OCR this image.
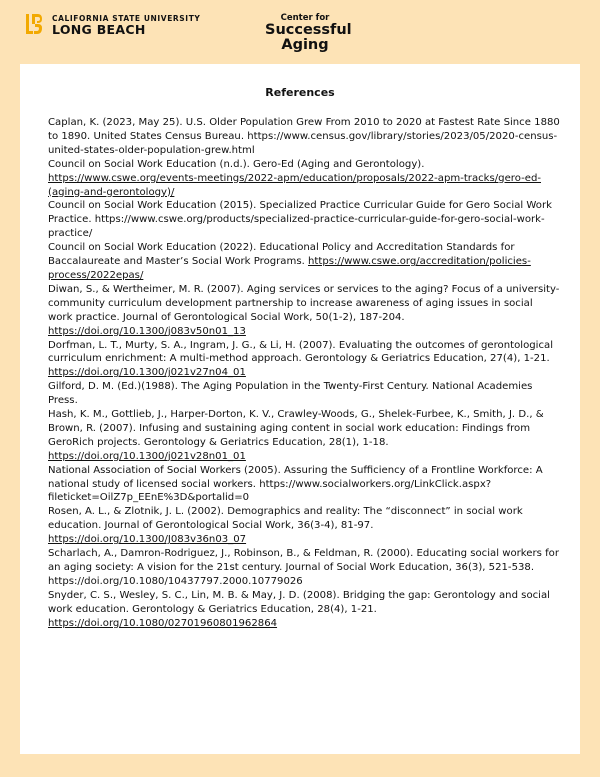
CALIFORNIA STATE UNIVERSITY
LONG BEACH
Center for
Successful
Aging
References

Caplan, K. (2023, May 25). U.S. Older Population Grew From 2010 to 2020 at Fastest Rate Since 1880 to 1890. United States Census Bureau. https://www.census.gov/library/stories/2023/05/2020-census-united-states-older-population-grew.html

Council on Social Work Education (n.d.). Gero-Ed (Aging and Gerontology). https://www.cswe.org/events-meetings/2022-apm/education/proposals/2022-apm-tracks/gero-ed-(aging-and-gerontology)/

Council on Social Work Education (2015). Specialized Practice Curricular Guide for Gero Social Work Practice. https://www.cswe.org/products/specialized-practice-curricular-guide-for-gero-social-work-practice/

Council on Social Work Education (2022). Educational Policy and Accreditation Standards for Baccalaureate and Master’s Social Work Programs. https://www.cswe.org/accreditation/policies-process/2022epas/

Diwan, S., & Wertheimer, M. R. (2007). Aging services or services to the aging? Focus of a university-community curriculum development partnership to increase awareness of aging issues in social work practice. Journal of Gerontological Social Work, 50(1-2), 187-204. https://doi.org/10.1300/j083v50n01_13

Dorfman, L. T., Murty, S. A., Ingram, J. G., & Li, H. (2007). Evaluating the outcomes of gerontological curriculum enrichment: A multi-method approach. Gerontology & Geriatrics Education, 27(4), 1-21. https://doi.org/10.1300/j021v27n04_01

Gilford, D. M. (Ed.)(1988). The Aging Population in the Twenty-First Century. National Academies Press.

Hash, K. M., Gottlieb, J., Harper-Dorton, K. V., Crawley-Woods, G., Shelek-Furbee, K., Smith, J. D., & Brown, R. (2007). Infusing and sustaining aging content in social work education: Findings from GeroRich projects. Gerontology & Geriatrics Education, 28(1), 1-18. https://doi.org/10.1300/j021v28n01_01

National Association of Social Workers (2005). Assuring the Sufficiency of a Frontline Workforce: A national study of licensed social workers. https://www.socialworkers.org/LinkClick.aspx?fileticket=OilZ7p_EEnE%3D&portalid=0

Rosen, A. L., & Zlotnik, J. L. (2002). Demographics and reality: The “disconnect” in social work education. Journal of Gerontological Social Work, 36(3-4), 81-97. https://doi.org/10.1300/J083v36n03_07

Scharlach, A., Damron-Rodriguez, J., Robinson, B., & Feldman, R. (2000). Educating social workers for an aging society: A vision for the 21st century. Journal of Social Work Education, 36(3), 521-538. https://doi.org/10.1080/10437797.2000.10779026

Snyder, C. S., Wesley, S. C., Lin, M. B. & May, J. D. (2008). Bridging the gap: Gerontology and social work education. Gerontology & Geriatrics Education, 28(4), 1-21. https://doi.org/10.1080/02701960801962864
